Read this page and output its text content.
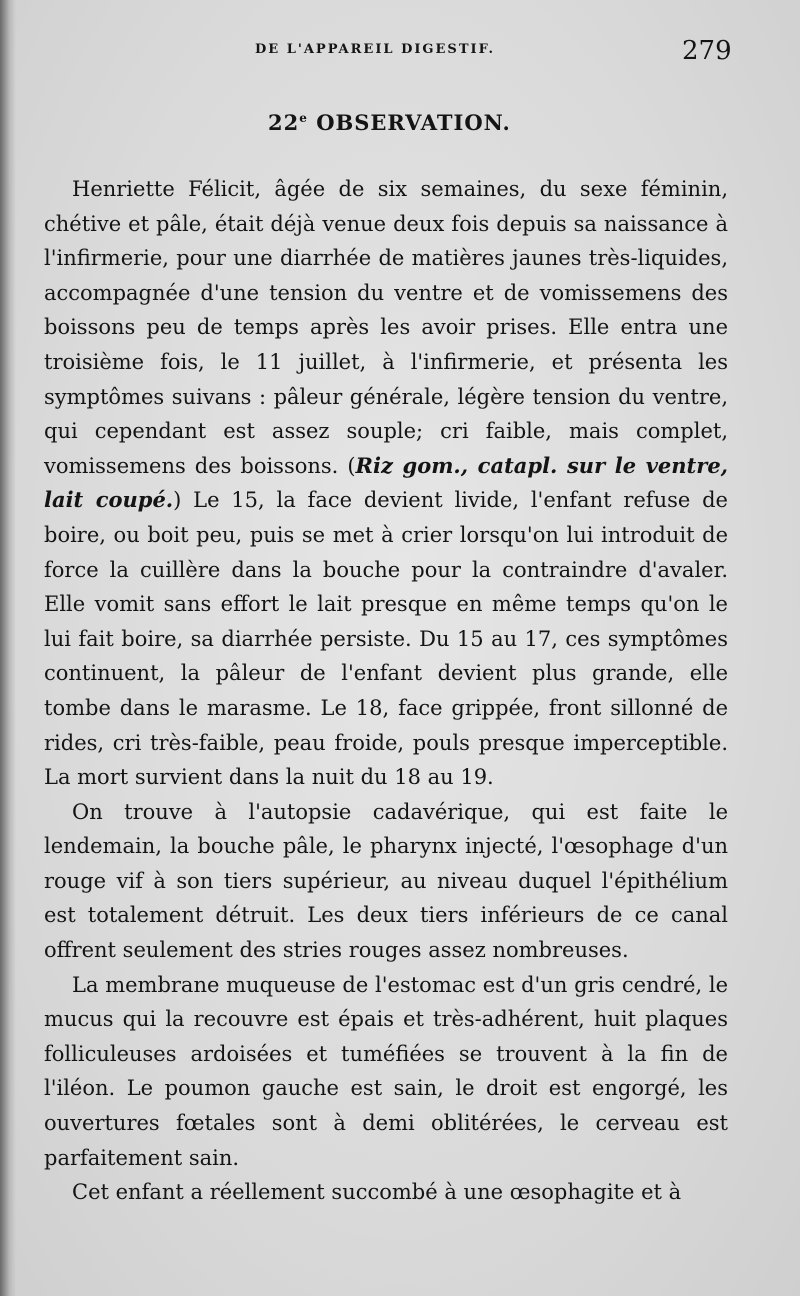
DE L'APPAREIL DIGESTIF.	279
22e OBSERVATION.

Henriette Félicit, âgée de six semaines, du sexe féminin, chétive et pâle, était déjà venue deux fois depuis sa naissance à l'infirmerie, pour une diarrhée de matières jaunes très-liquides, accompagnée d'une tension du ventre et de vomissemens des boissons peu de temps après les avoir prises. Elle entra une troisième fois, le 11 juillet, à l'infirmerie, et présenta les symptômes suivans : pâleur générale, légère tension du ventre, qui cependant est assez souple; cri faible, mais complet, vomissemens des boissons. (Riz gom., catapl. sur le ventre, lait coupé.) Le 15, la face devient livide, l'enfant refuse de boire, ou boit peu, puis se met à crier lorsqu'on lui introduit de force la cuillère dans la bouche pour la contraindre d'avaler. Elle vomit sans effort le lait presque en même temps qu'on le lui fait boire, sa diarrhée persiste. Du 15 au 17, ces symptômes continuent, la pâleur de l'enfant devient plus grande, elle tombe dans le marasme. Le 18, face grippée, front sillonné de rides, cri très-faible, peau froide, pouls presque imperceptible. La mort survient dans la nuit du 18 au 19.

On trouve à l'autopsie cadavérique, qui est faite le lendemain, la bouche pâle, le pharynx injecté, l'œsophage d'un rouge vif à son tiers supérieur, au niveau duquel l'épithélium est totalement détruit. Les deux tiers inférieurs de ce canal offrent seulement des stries rouges assez nombreuses.

La membrane muqueuse de l'estomac est d'un gris cendré, le mucus qui la recouvre est épais et très-adhérent, huit plaques folliculeuses ardoisées et tuméfiées se trouvent à la fin de l'iléon. Le poumon gauche est sain, le droit est engorgé, les ouvertures fœtales sont à demi oblitérées, le cerveau est parfaitement sain.

Cet enfant a réellement succombé à une œsophagite et à
